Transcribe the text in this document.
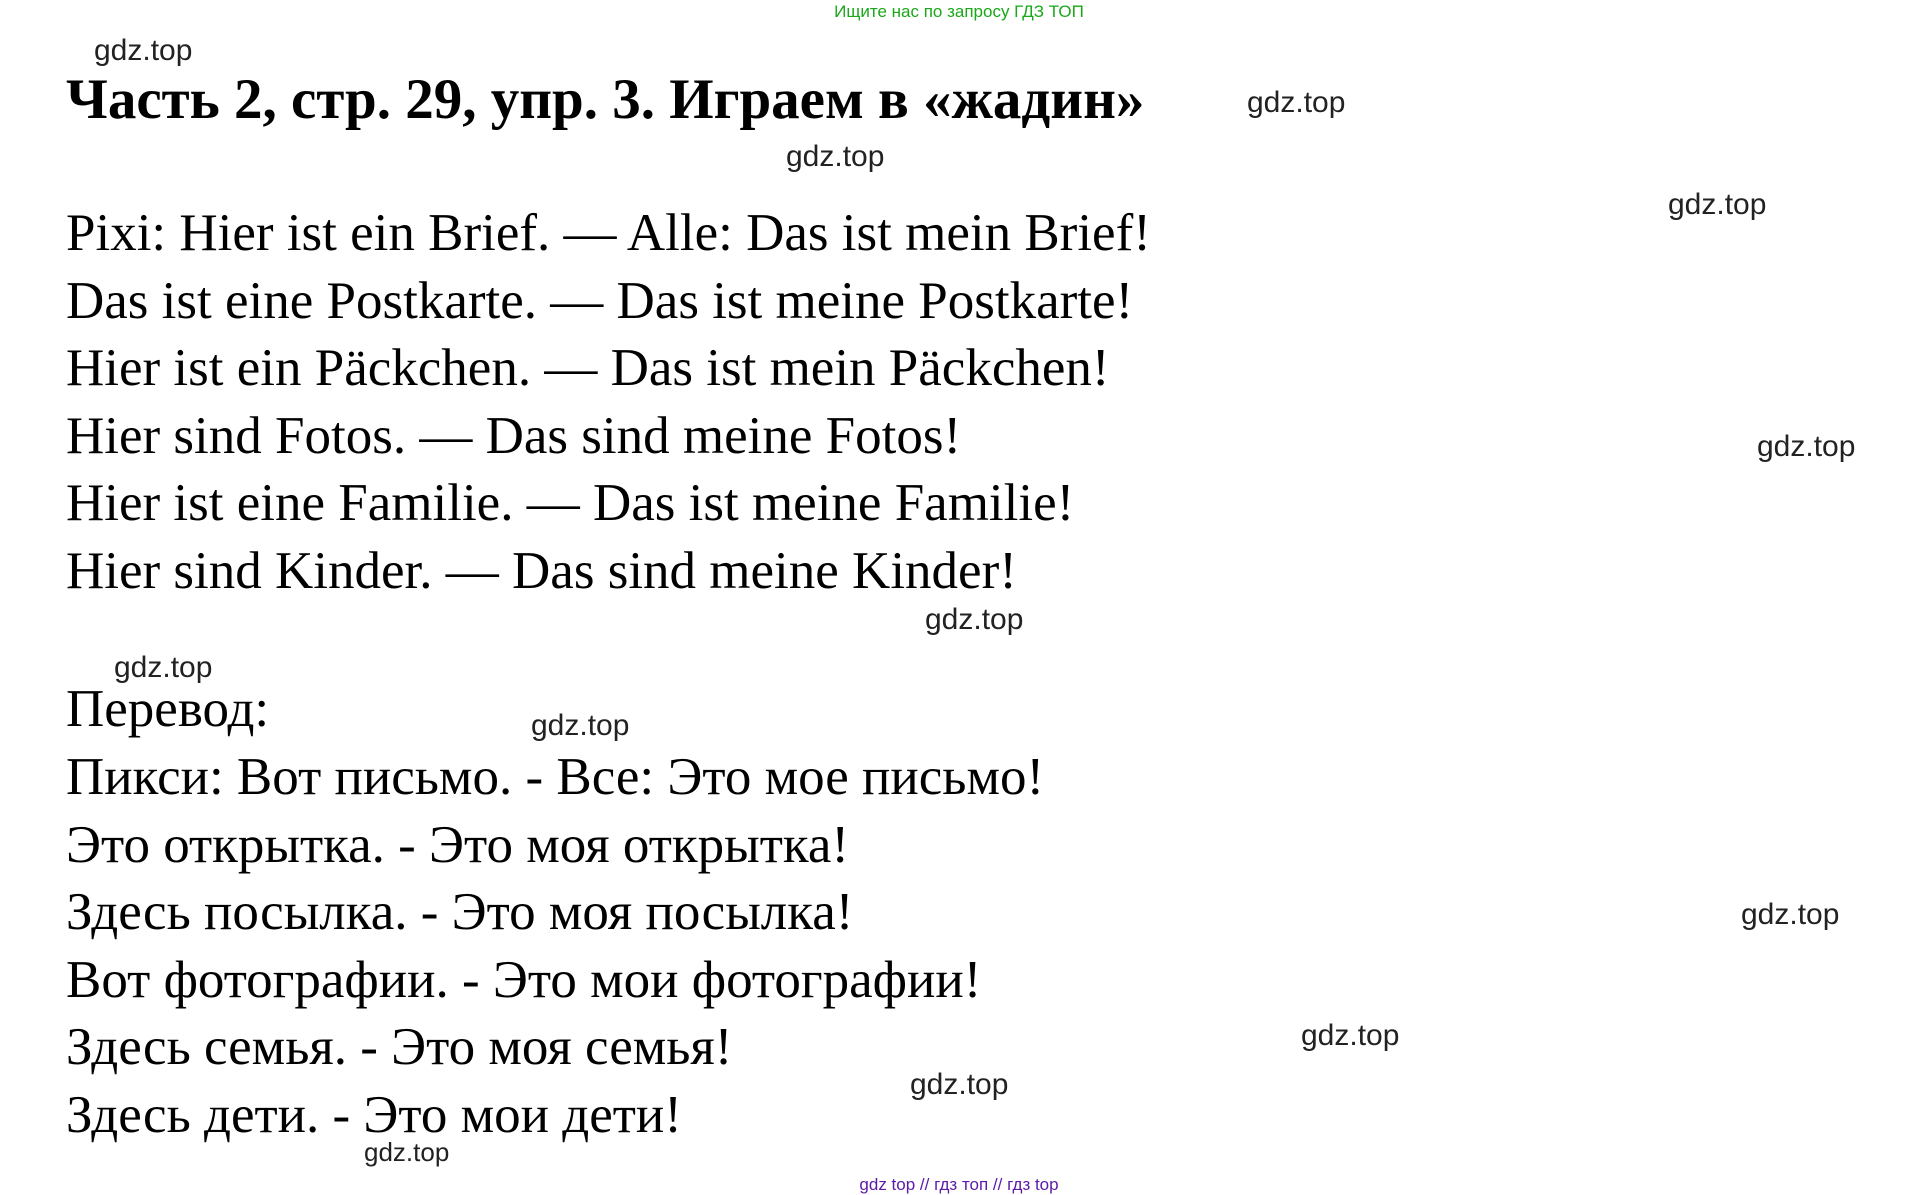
Ищите нас по запросу ГДЗ ТОП
Часть 2, стр. 29, упр. 3. Играем в «жадин»
Pixi: Hier ist ein Brief. — Alle: Das ist mein Brief!
Das ist eine Postkarte. — Das ist meine Postkarte!
Hier ist ein Päckchen. — Das ist mein Päckchen!
Hier sind Fotos. — Das sind meine Fotos!
Hier ist eine Familie. — Das ist meine Familie!
Hier sind Kinder. — Das sind meine Kinder!
Перевод:
Пикси: Вот письмо. - Все: Это мое письмо!
Это открытка. - Это моя открытка!
Здесь посылка. - Это моя посылка!
Вот фотографии. - Это мои фотографии!
Здесь семья. - Это моя семья!
Здесь дети. - Это мои дети!
gdz.top
gdz.top
gdz.top
gdz.top
gdz.top
gdz.top
gdz.top
gdz.top
gdz.top
gdz.top
gdz.top
gdz.top
gdz top // гдз топ // гдз top
